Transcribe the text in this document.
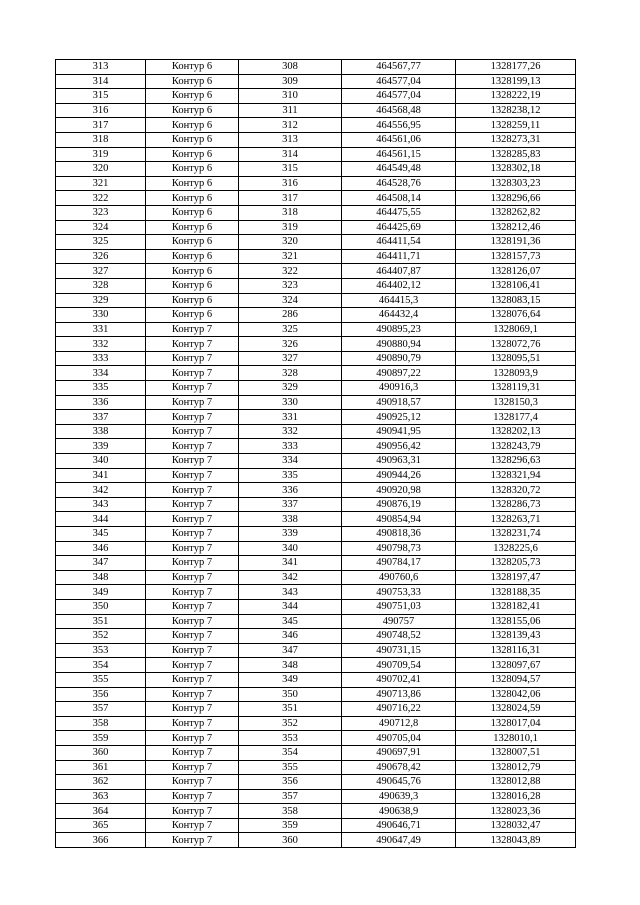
313	Контур 6	308	464567,77	1328177,26
314	Контур 6	309	464577,04	1328199,13
315	Контур 6	310	464577,04	1328222,19
316	Контур 6	311	464568,48	1328238,12
317	Контур 6	312	464556,95	1328259,11
318	Контур 6	313	464561,06	1328273,31
319	Контур 6	314	464561,15	1328285,83
320	Контур 6	315	464549,48	1328302,18
321	Контур 6	316	464528,76	1328303,23
322	Контур 6	317	464508,14	1328296,66
323	Контур 6	318	464475,55	1328262,82
324	Контур 6	319	464425,69	1328212,46
325	Контур 6	320	464411,54	1328191,36
326	Контур 6	321	464411,71	1328157,73
327	Контур 6	322	464407,87	1328126,07
328	Контур 6	323	464402,12	1328106,41
329	Контур 6	324	464415,3	1328083,15
330	Контур 6	286	464432,4	1328076,64
331	Контур 7	325	490895,23	1328069,1
332	Контур 7	326	490880,94	1328072,76
333	Контур 7	327	490890,79	1328095,51
334	Контур 7	328	490897,22	1328093,9
335	Контур 7	329	490916,3	1328119,31
336	Контур 7	330	490918,57	1328150,3
337	Контур 7	331	490925,12	1328177,4
338	Контур 7	332	490941,95	1328202,13
339	Контур 7	333	490956,42	1328243,79
340	Контур 7	334	490963,31	1328296,63
341	Контур 7	335	490944,26	1328321,94
342	Контур 7	336	490920,98	1328320,72
343	Контур 7	337	490876,19	1328286,73
344	Контур 7	338	490854,94	1328263,71
345	Контур 7	339	490818,36	1328231,74
346	Контур 7	340	490798,73	1328225,6
347	Контур 7	341	490784,17	1328205,73
348	Контур 7	342	490760,6	1328197,47
349	Контур 7	343	490753,33	1328188,35
350	Контур 7	344	490751,03	1328182,41
351	Контур 7	345	490757	1328155,06
352	Контур 7	346	490748,52	1328139,43
353	Контур 7	347	490731,15	1328116,31
354	Контур 7	348	490709,54	1328097,67
355	Контур 7	349	490702,41	1328094,57
356	Контур 7	350	490713,86	1328042,06
357	Контур 7	351	490716,22	1328024,59
358	Контур 7	352	490712,8	1328017,04
359	Контур 7	353	490705,04	1328010,1
360	Контур 7	354	490697,91	1328007,51
361	Контур 7	355	490678,42	1328012,79
362	Контур 7	356	490645,76	1328012,88
363	Контур 7	357	490639,3	1328016,28
364	Контур 7	358	490638,9	1328023,36
365	Контур 7	359	490646,71	1328032,47
366	Контур 7	360	490647,49	1328043,89
